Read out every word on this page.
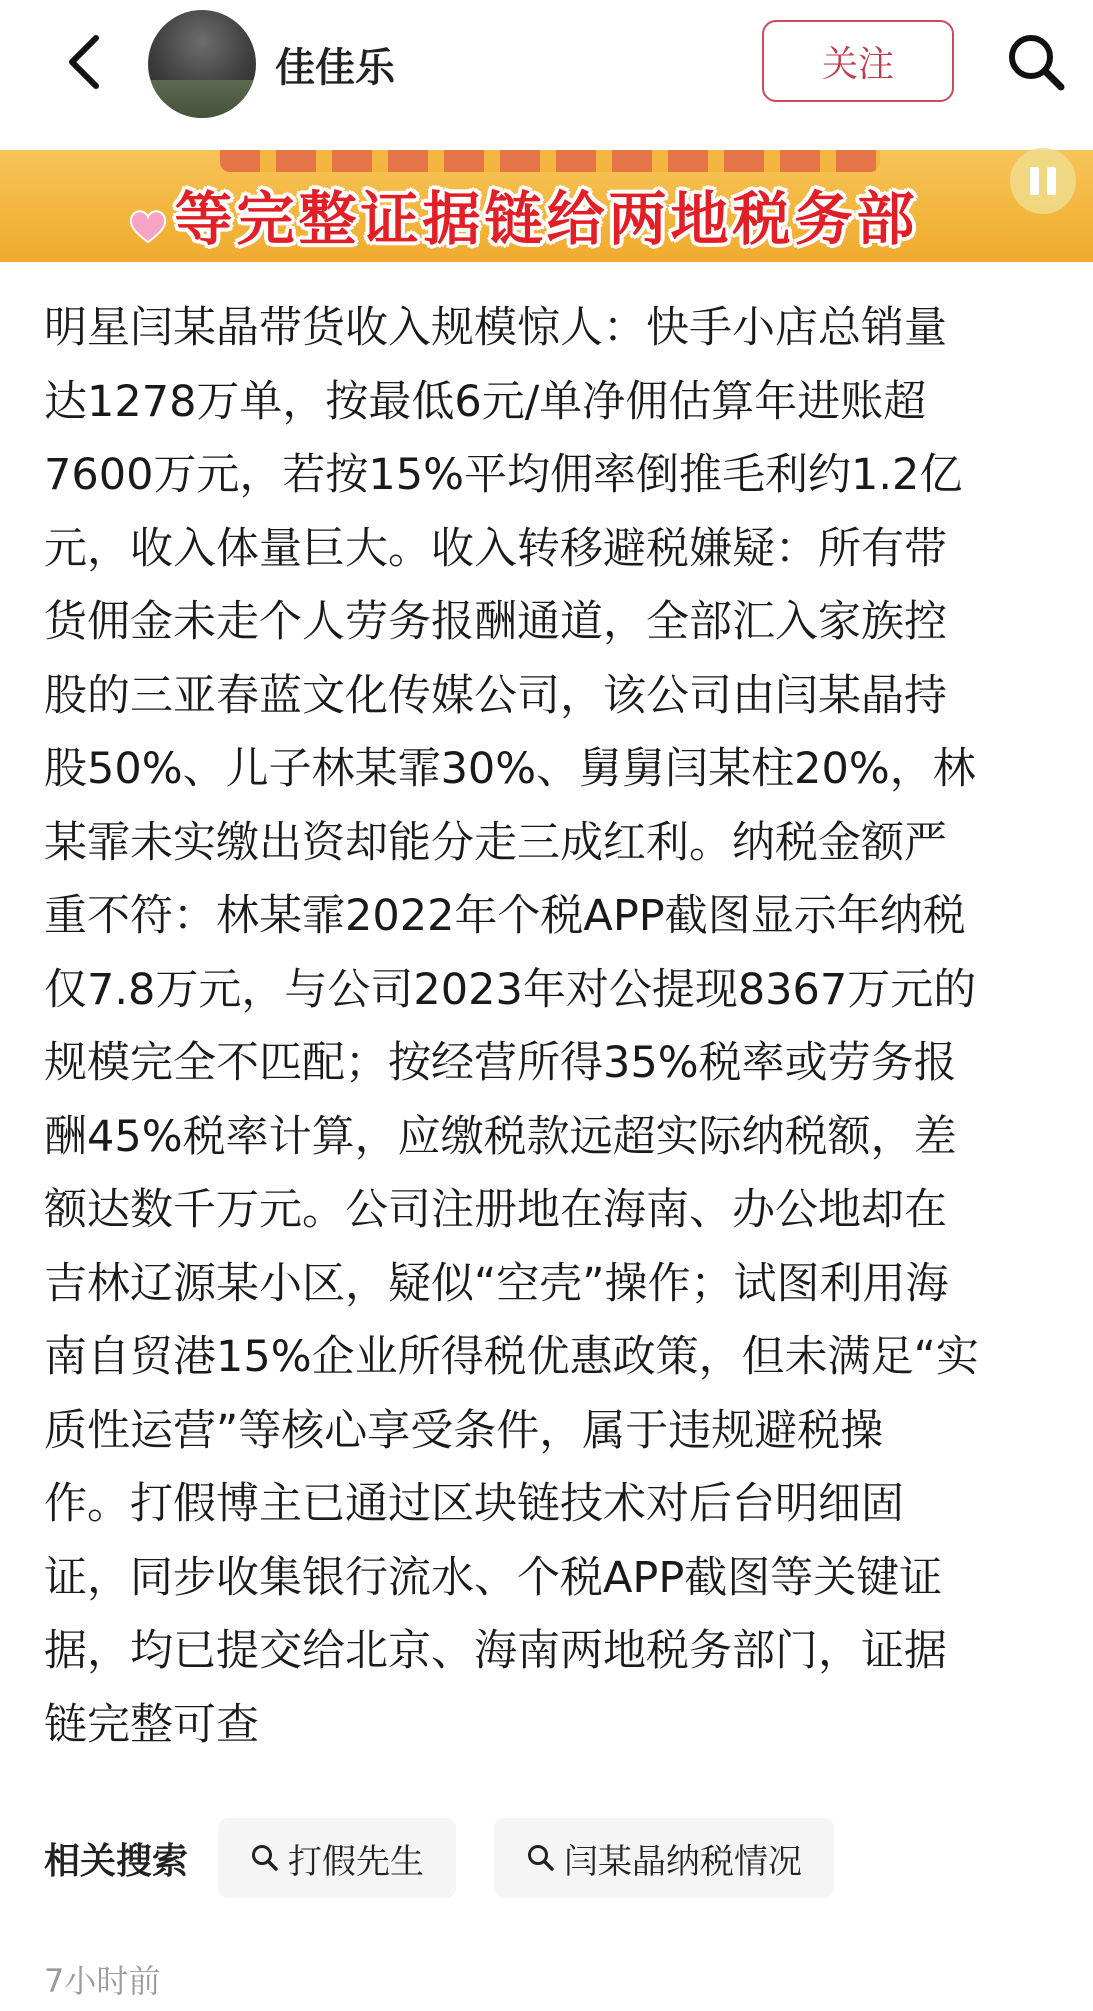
佳佳乐	关注
等完整证据链给两地税务部
明星闫某晶带货收入规模惊人：快手小店总销量
达1278万单，按最低6元/单净佣估算年进账超
7600万元，若按15%平均佣率倒推毛利约1.2亿
元，收入体量巨大。收入转移避税嫌疑：所有带
货佣金未走个人劳务报酬通道，全部汇入家族控
股的三亚春蓝文化传媒公司，该公司由闫某晶持
股50%、儿子林某霏30%、舅舅闫某柱20%，林
某霏未实缴出资却能分走三成红利。纳税金额严
重不符：林某霏2022年个税APP截图显示年纳税
仅7.8万元，与公司2023年对公提现8367万元的
规模完全不匹配；按经营所得35%税率或劳务报
酬45%税率计算，应缴税款远超实际纳税额，差
额达数千万元。公司注册地在海南、办公地却在
吉林辽源某小区，疑似“空壳”操作；试图利用海
南自贸港15%企业所得税优惠政策，但未满足“实
质性运营”等核心享受条件，属于违规避税操
作。打假博主已通过区块链技术对后台明细固
证，同步收集银行流水、个税APP截图等关键证
据，均已提交给北京、海南两地税务部门，证据
链完整可查
相关搜索	打假先生	闫某晶纳税情况
7小时前
